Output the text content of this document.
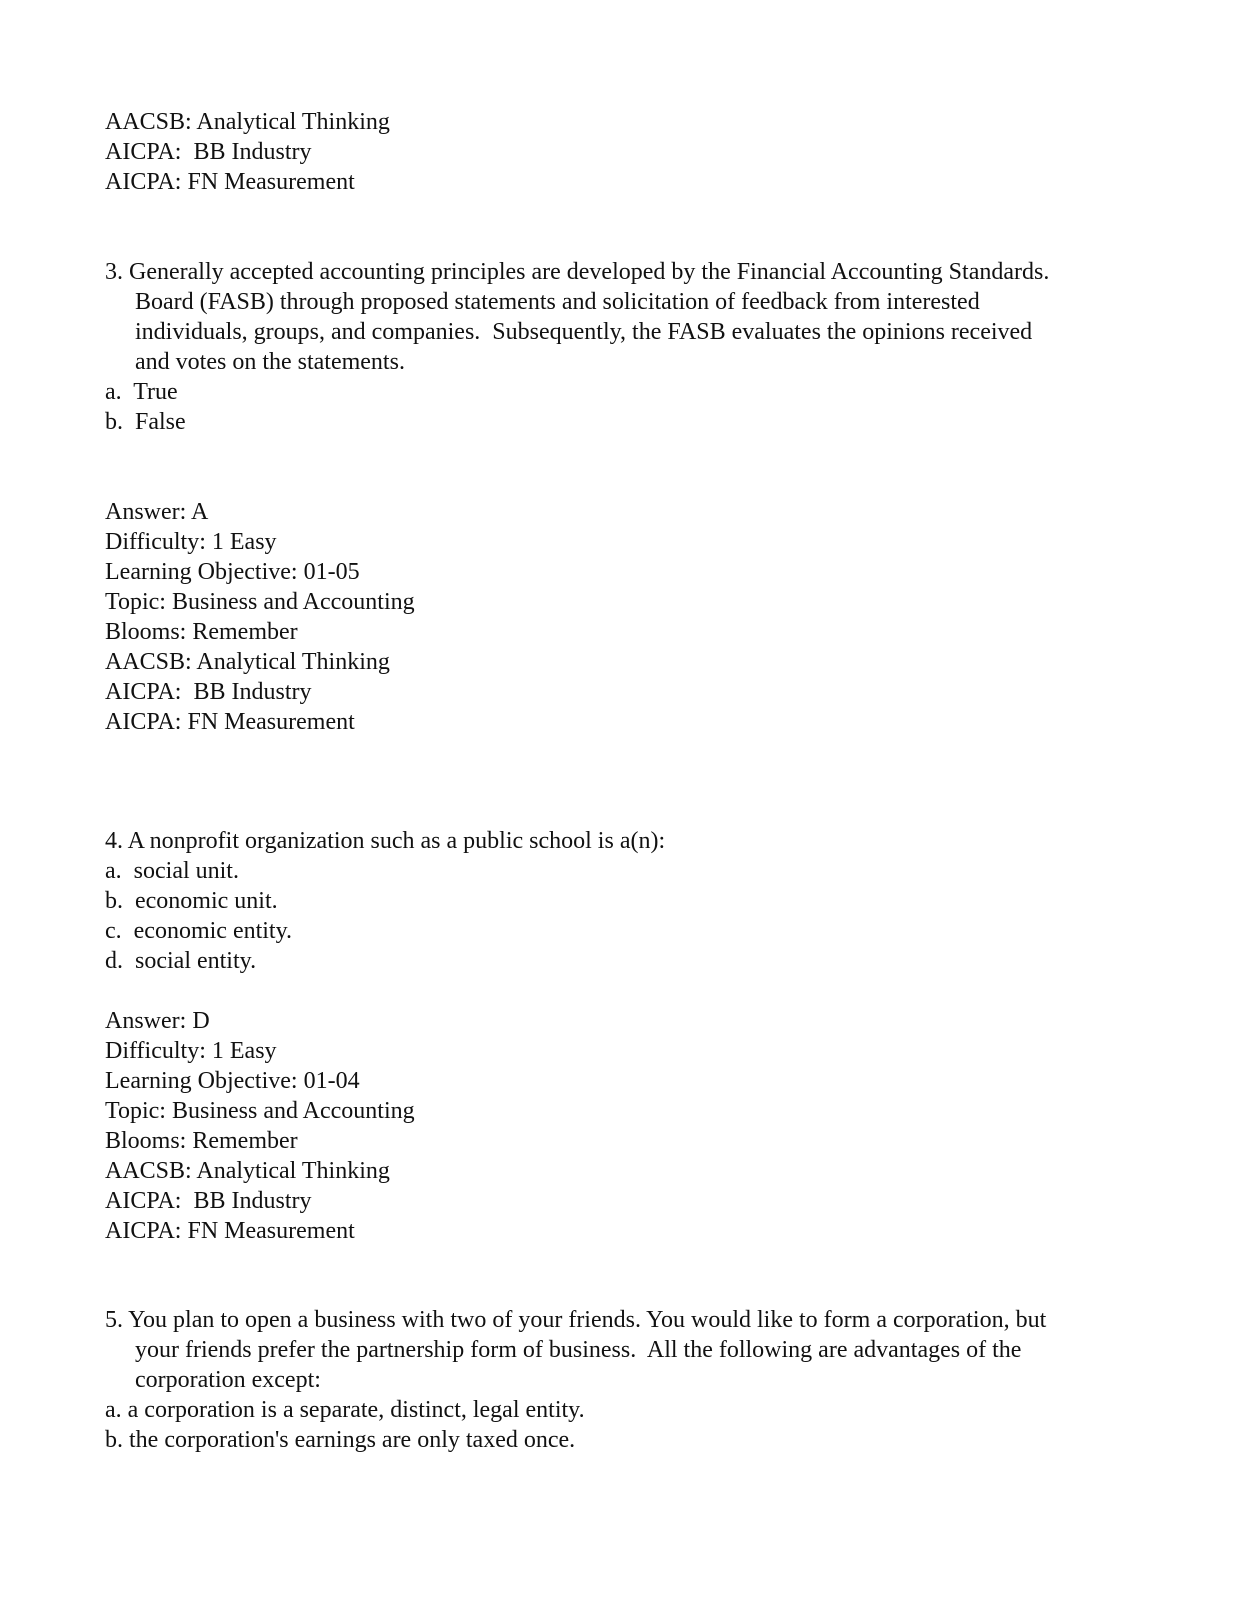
AACSB: Analytical Thinking
AICPA:  BB Industry
AICPA: FN Measurement
3. Generally accepted accounting principles are developed by the Financial Accounting Standards.
Board (FASB) through proposed statements and solicitation of feedback from interested
individuals, groups, and companies.  Subsequently, the FASB evaluates the opinions received
and votes on the statements.
a.  True
b.  False
Answer: A
Difficulty: 1 Easy
Learning Objective: 01-05
Topic: Business and Accounting
Blooms: Remember
AACSB: Analytical Thinking
AICPA:  BB Industry
AICPA: FN Measurement
4. A nonprofit organization such as a public school is a(n):
a.  social unit.
b.  economic unit.
c.  economic entity.
d.  social entity.
Answer: D
Difficulty: 1 Easy
Learning Objective: 01-04
Topic: Business and Accounting
Blooms: Remember
AACSB: Analytical Thinking
AICPA:  BB Industry
AICPA: FN Measurement
5. You plan to open a business with two of your friends. You would like to form a corporation, but
your friends prefer the partnership form of business.  All the following are advantages of the
corporation except:
a. a corporation is a separate, distinct, legal entity.
b. the corporation's earnings are only taxed once.
